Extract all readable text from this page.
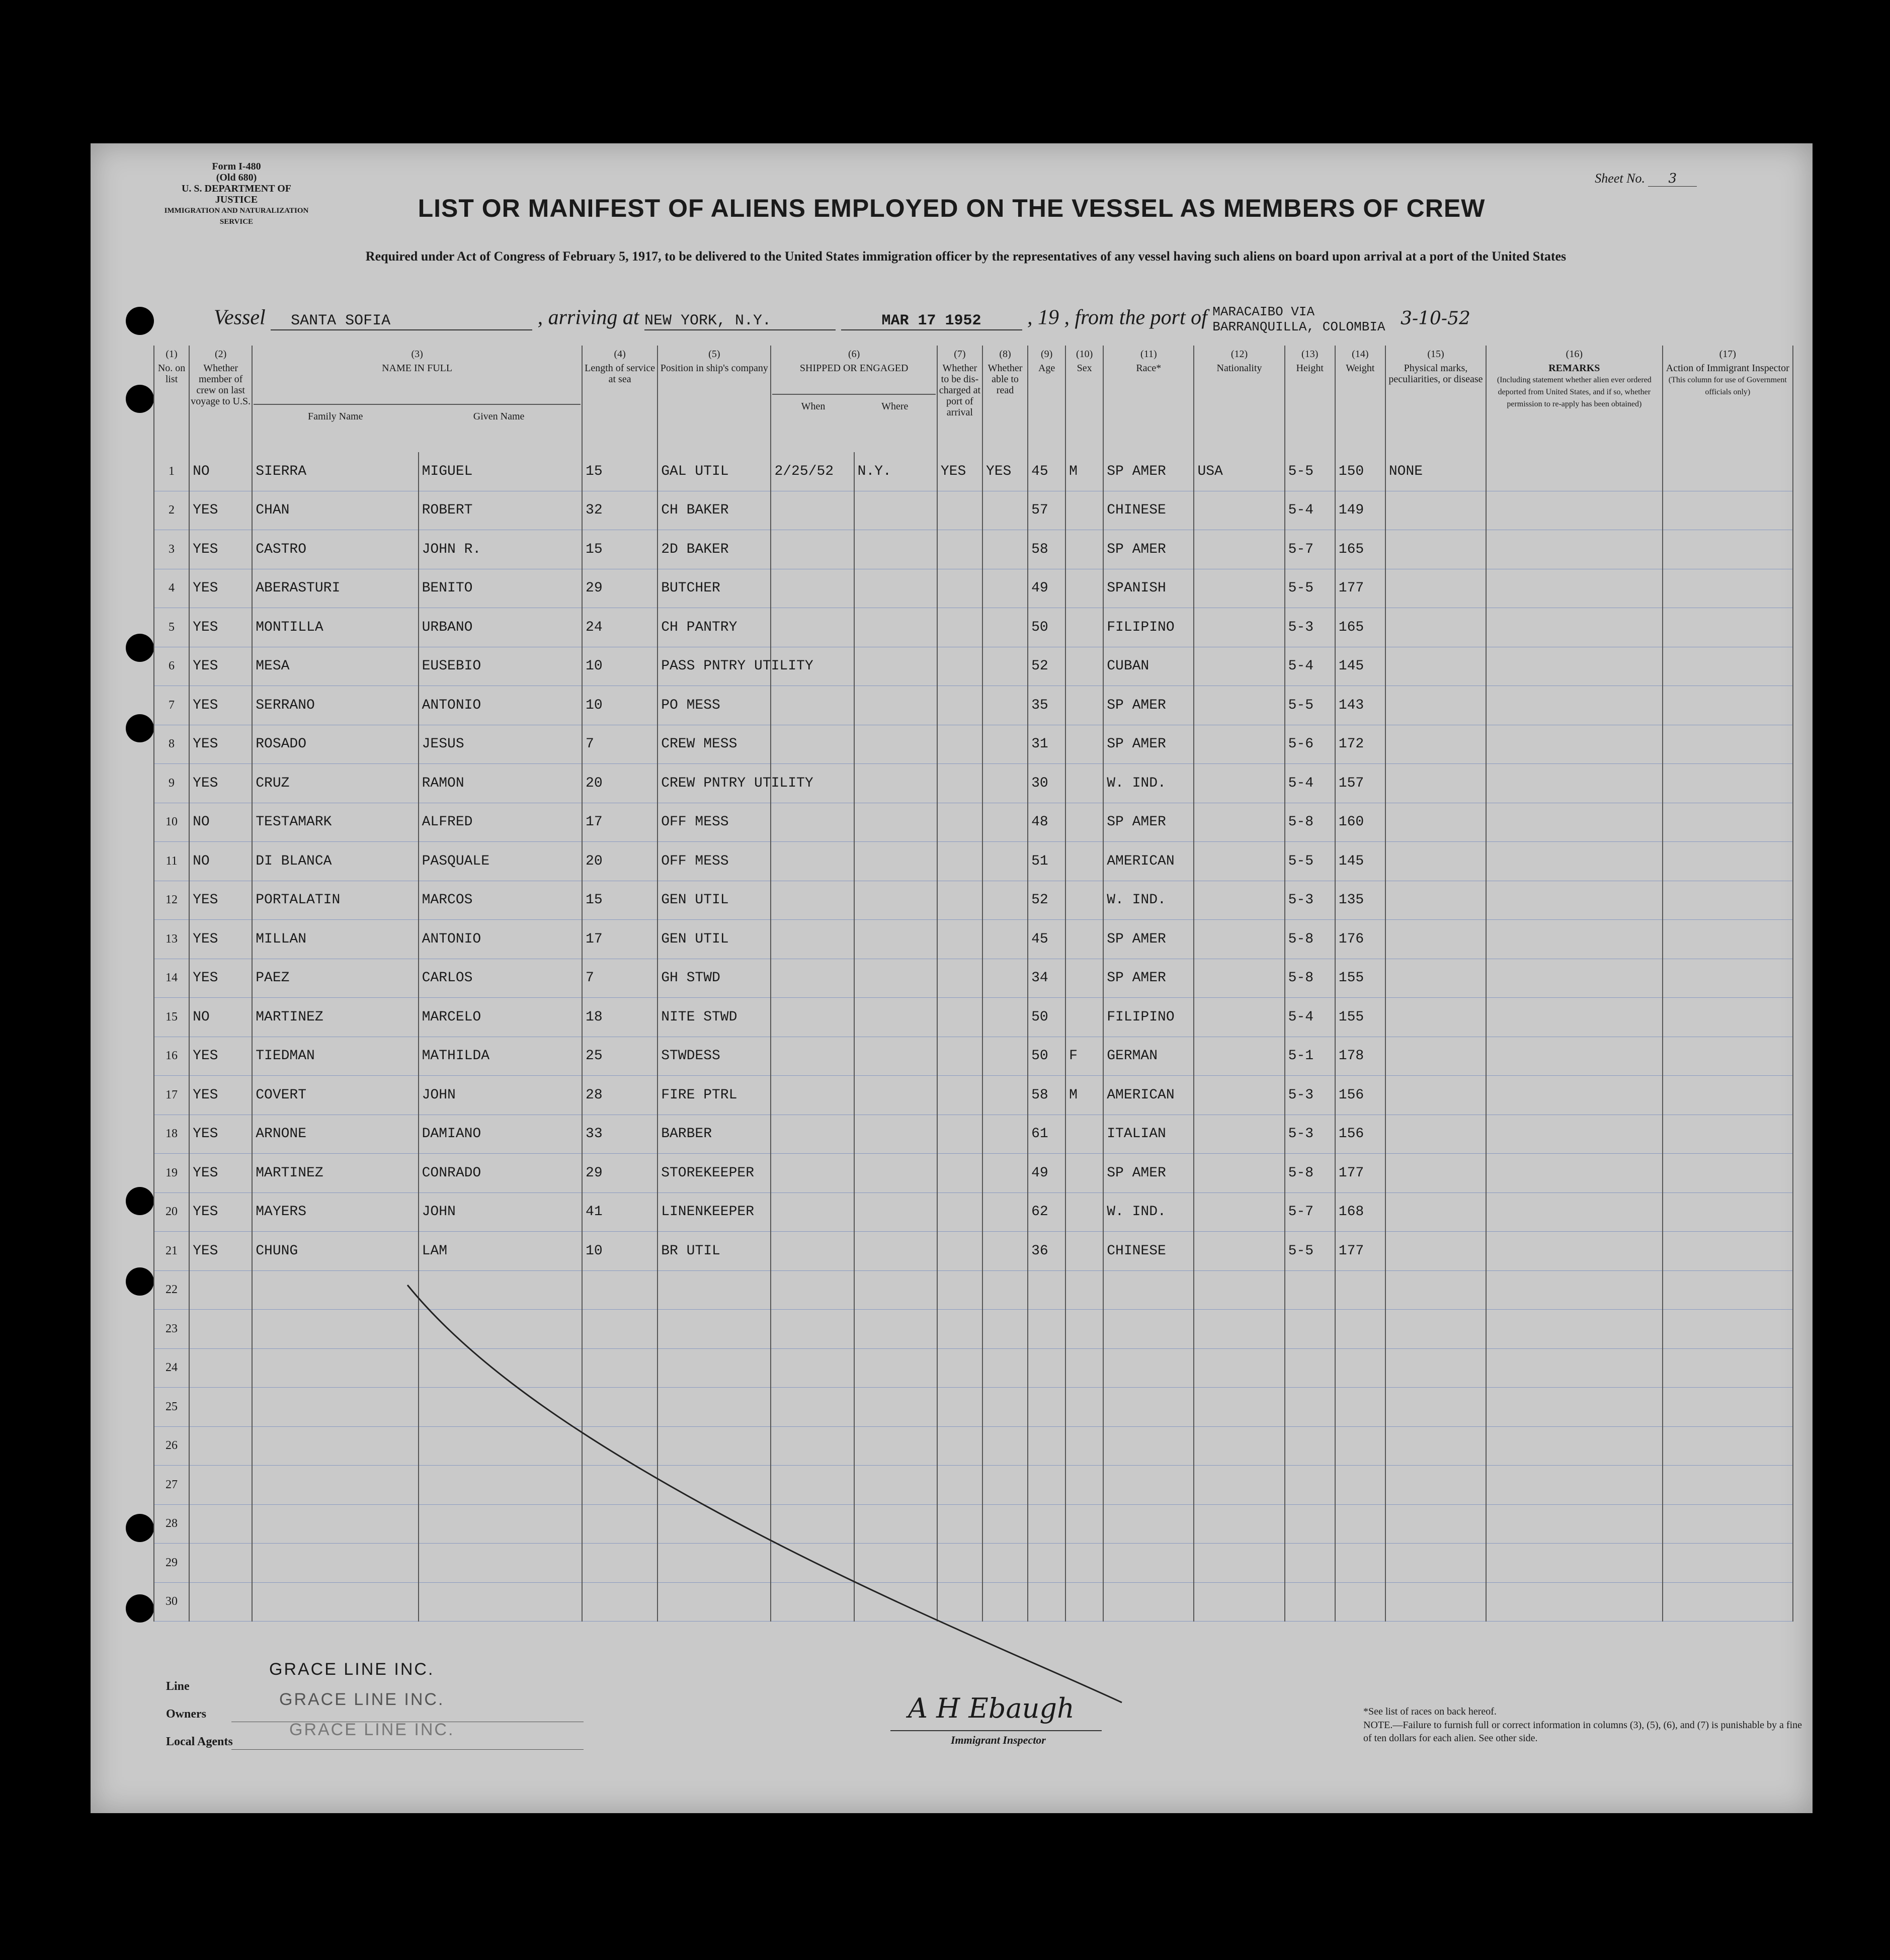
Form I-480
(Old 680)
U. S. DEPARTMENT OF JUSTICE
IMMIGRATION AND NATURALIZATION SERVICE
Sheet No. 3
LIST OR MANIFEST OF ALIENS EMPLOYED ON THE VESSEL AS MEMBERS OF CREW
Required under Act of Congress of February 5, 1917, to be delivered to the United States immigration officer by the representatives of any vessel having such aliens on board upon arrival at a port of the United States
Vessel SANTA SOFIA	, arriving at NEW YORK, N.Y.	MAR 17 1952 , 19 , from the port of MARACAIBO VIA
BARRANQUILLA, COLOMBIA 3-10-52
(1)
No. on list	(2)
Whether member of crew on last voyage to U.S.	(3)
NAME IN FULL
Family Name Given Name		(4)
Length of service at sea	(5)
Position in ship's company	(6)
SHIPPED OR ENGAGED
When Where		(7)
Whether to be dis-charged at port of arrival	(8)
Whether able to read	(9)
Age	(10)
Sex	(11)
Race*	(12)
Nationality	(13)
Height	(14)
Weight	(15)
Physical marks, peculiarities, or disease	(16)
REMARKS
(Including statement whether alien ever ordered deported from United States, and if so, whether permission to re-apply has been obtained)	(17)
Action of Immigrant Inspector
(This column for use of Government officials only)
1	NO	SIERRA	MIGUEL	15	GAL UTIL	2/25/52	N.Y.	YES	YES	45	M	SP AMER	USA	5-5	150	NONE		
2	YES	CHAN	ROBERT	32	CH BAKER					57		CHINESE		5-4	149			
3	YES	CASTRO	JOHN R.	15	2D BAKER					58		SP AMER		5-7	165			
4	YES	ABERASTURI	BENITO	29	BUTCHER					49		SPANISH		5-5	177			
5	YES	MONTILLA	URBANO	24	CH PANTRY					50		FILIPINO		5-3	165			
6	YES	MESA	EUSEBIO	10	PASS PNTRY UTILITY					52		CUBAN		5-4	145			
7	YES	SERRANO	ANTONIO	10	PO MESS					35		SP AMER		5-5	143			
8	YES	ROSADO	JESUS	7	CREW MESS					31		SP AMER		5-6	172			
9	YES	CRUZ	RAMON	20	CREW PNTRY UTILITY					30		W. IND.		5-4	157			
10	NO	TESTAMARK	ALFRED	17	OFF MESS					48		SP AMER		5-8	160			
11	NO	DI BLANCA	PASQUALE	20	OFF MESS					51		AMERICAN		5-5	145			
12	YES	PORTALATIN	MARCOS	15	GEN UTIL					52		W. IND.		5-3	135			
13	YES	MILLAN	ANTONIO	17	GEN UTIL					45		SP AMER		5-8	176			
14	YES	PAEZ	CARLOS	7	GH STWD					34		SP AMER		5-8	155			
15	NO	MARTINEZ	MARCELO	18	NITE STWD					50		FILIPINO		5-4	155			
16	YES	TIEDMAN	MATHILDA	25	STWDESS					50	F	GERMAN		5-1	178			
17	YES	COVERT	JOHN	28	FIRE PTRL					58	M	AMERICAN		5-3	156			
18	YES	ARNONE	DAMIANO	33	BARBER					61		ITALIAN		5-3	156			
19	YES	MARTINEZ	CONRADO	29	STOREKEEPER					49		SP AMER		5-8	177			
20	YES	MAYERS	JOHN	41	LINENKEEPER					62		W. IND.		5-7	168			
21	YES	CHUNG	LAM	10	BR UTIL					36		CHINESE		5-5	177			
22																		
23																		
24																		
25																		
26																		
27																		
28																		
29																		
30																		
Line
Owners
Local Agents
GRACE LINE INC.
GRACE LINE INC.
GRACE LINE INC.
A H Ebaugh
Immigrant Inspector
*See list of races on back hereof.
NOTE.—Failure to furnish full or correct information in columns (3), (5), (6), and (7) is punishable by a fine of ten dollars for each alien. See other side.
